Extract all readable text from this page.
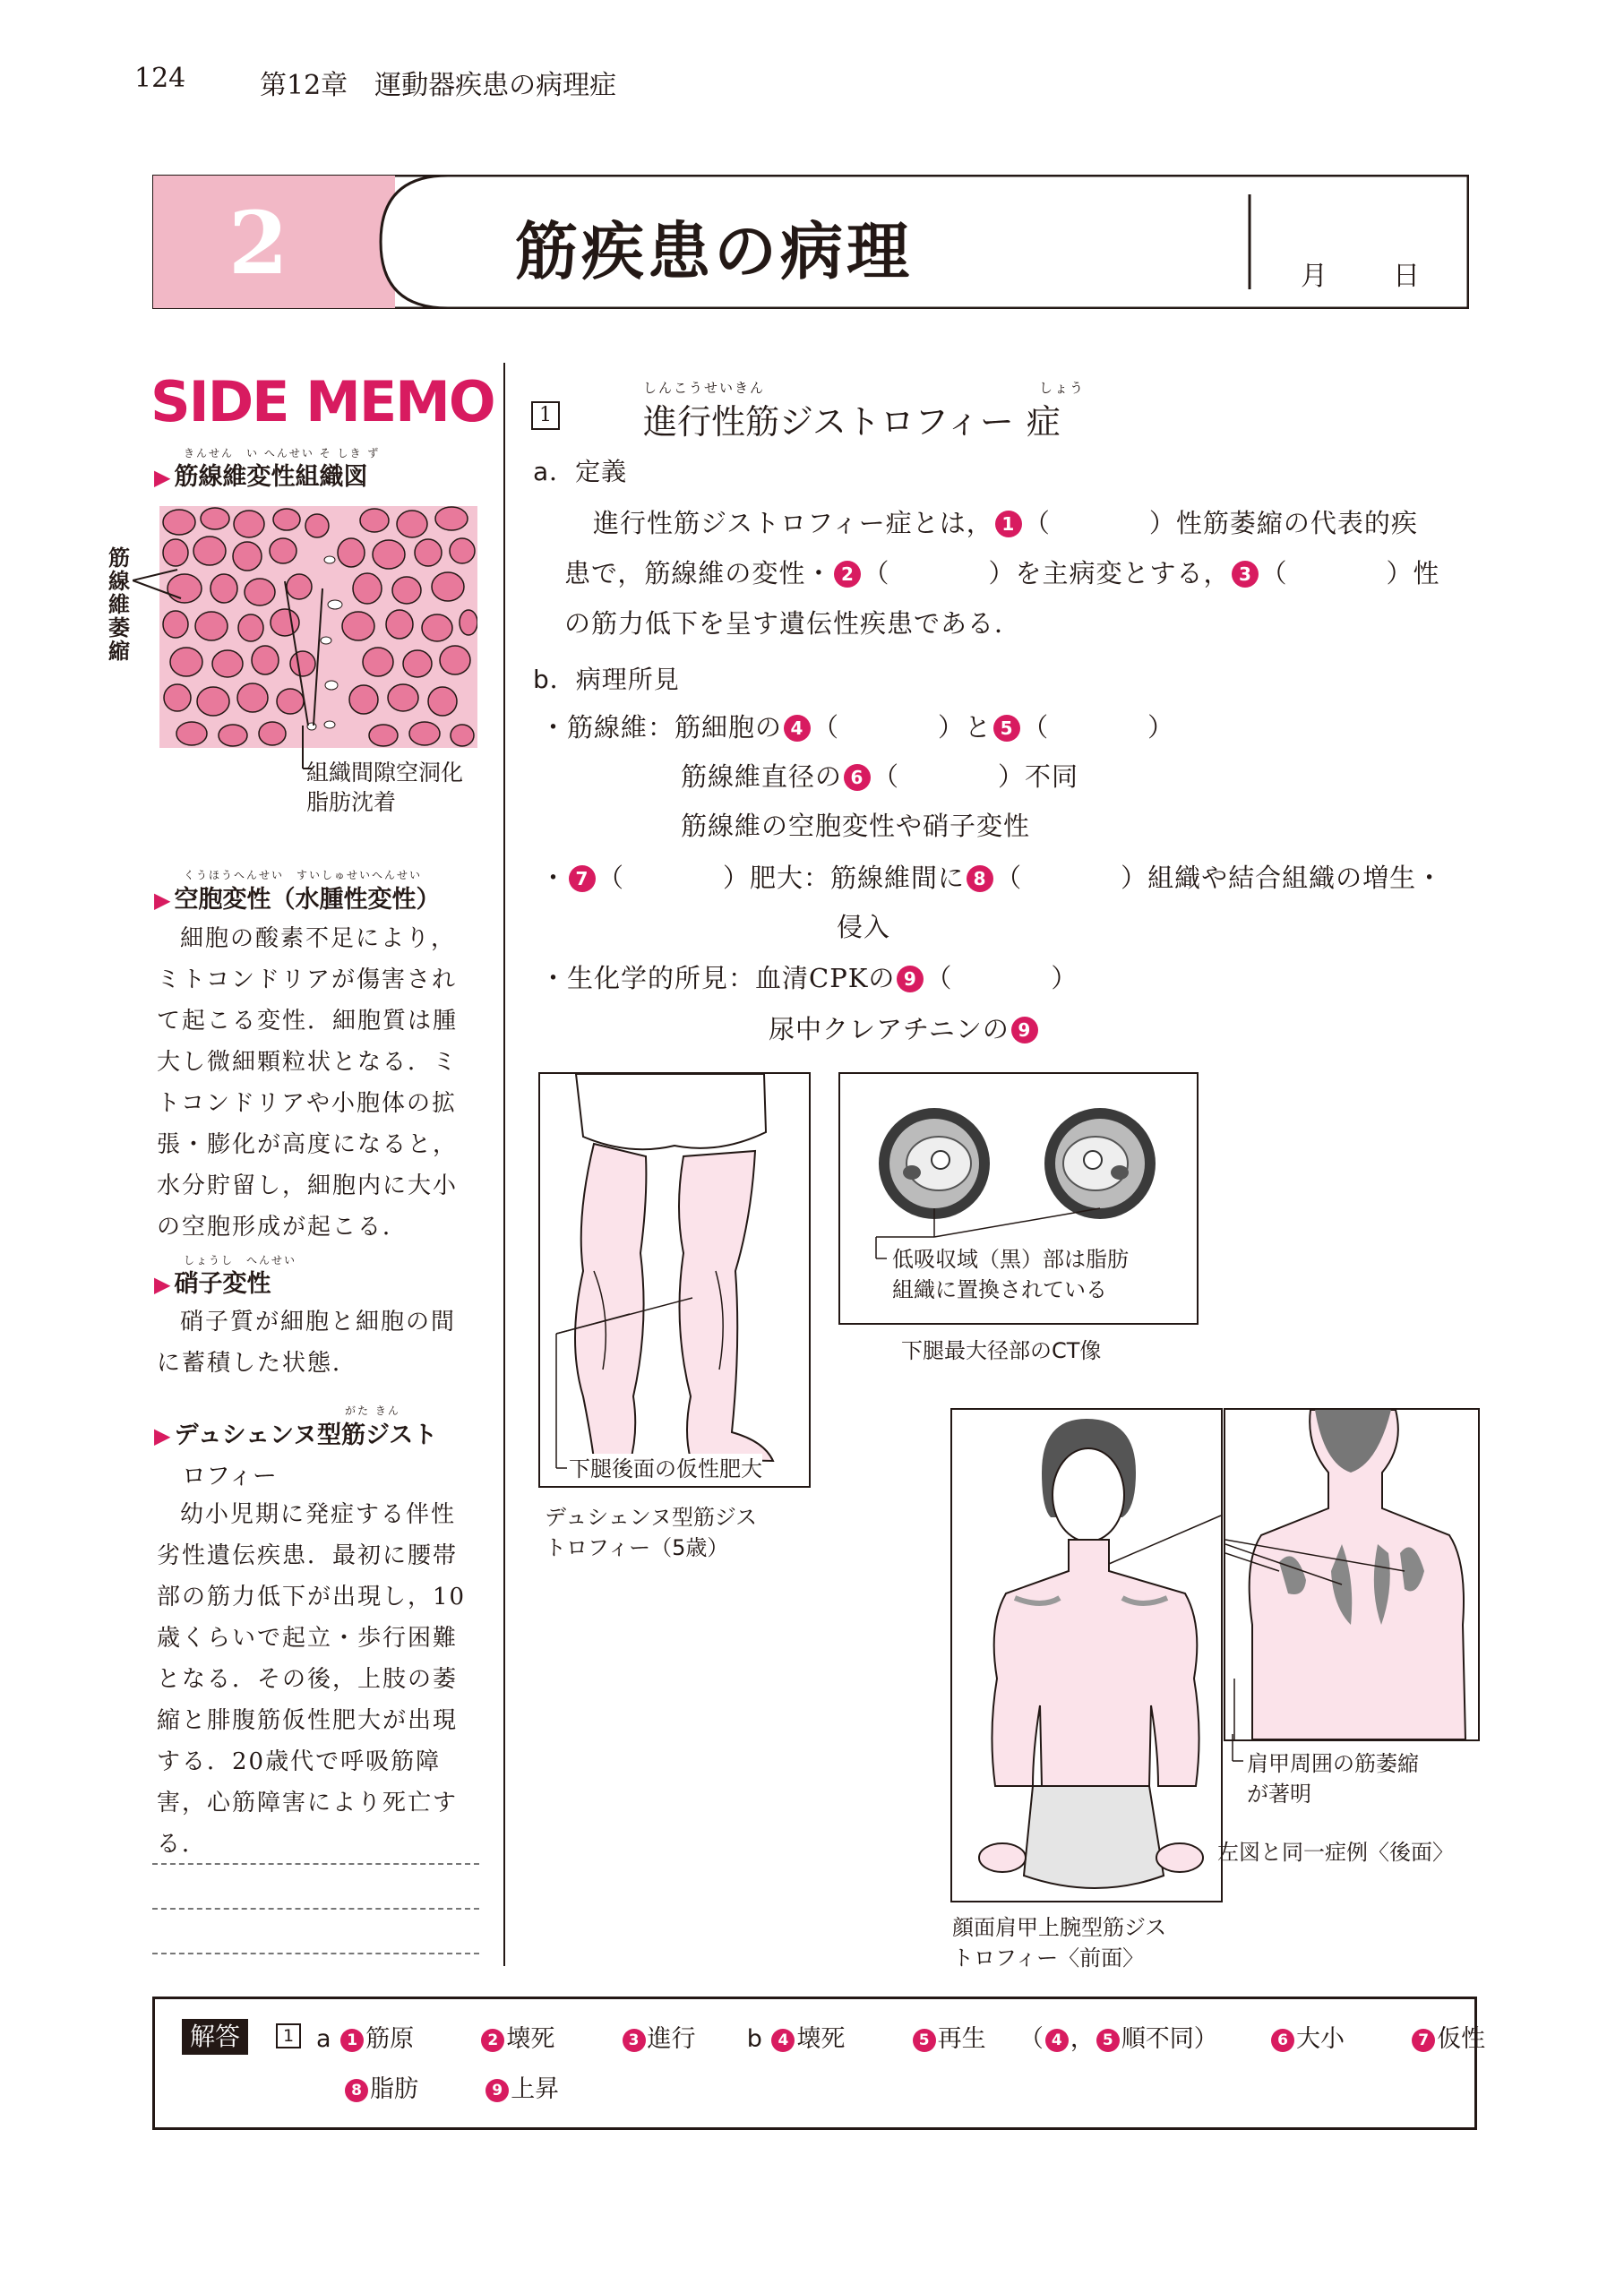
124	第12章　運動器疾患の病理症
2	筋疾患の病理	月 日
SIDE MEMO
きんせん　い へんせい そ しき ず
▶ 筋線維変性組織図
筋
線
維
萎
縮
組織間隙空洞化
脂肪沈着
くうほうへんせい　すいしゅせいへんせい
▶ 空胞変性（水腫性変性）
細胞の酸素不足により，
ミトコンドリアが傷害され
て起こる変性．細胞質は腫
大し微細顆粒状となる．ミ
トコンドリアや小胞体の拡
張・膨化が高度になると，
水分貯留し，細胞内に大小
の空胞形成が起こる．
しょうし　へんせい
▶ 硝子変性
硝子質が細胞と細胞の間
に蓄積した状態．
がた きん
▶ デュシェンヌ型筋ジスト
ロフィー
幼小児期に発症する伴性
劣性遺伝疾患．最初に腰帯
部の筋力低下が出現し，10
歳くらいで起立・歩行困難
となる．その後，上肢の萎
縮と腓腹筋仮性肥大が出現
する．20歳代で呼吸筋障
害，心筋障害により死亡す
る．
1
しんこうせいきん	しょう
進行性筋ジストロフィー 症
a．定義
進行性筋ジストロフィー症とは， 1 （	）性筋萎縮の代表的疾
患で，筋線維の変性・ 2 （	）を主病変とする， 3 （	）性
の筋力低下を呈す遺伝性疾患である．
b．病理所見
・筋線維：筋細胞の 4 （	）と 5 （	）
筋線維直径の 6 （	）不同
筋線維の空胞変性や硝子変性
・ 7 （	）肥大：筋線維間に 8 （	）組織や結合組織の増生・
侵入
・生化学的所見：血清CPKの 9 （	）
尿中クレアチニンの 9
下腿後面の仮性肥大
デュシェンヌ型筋ジス
トロフィー（5歳）
低吸収域（黒）部は脂肪
組織に置換されている
下腿最大径部のCT像
顔面肩甲上腕型筋ジス
トロフィー〈前面〉
肩甲周囲の筋萎縮
が著明
左図と同一症例〈後面〉
解答	1 a 1 筋原	2 壊死	3 進行 b 4 壊死	5 再生 （ 4 ， 5 順不同）	6 大小	7 仮性
8 脂肪	9 上昇
